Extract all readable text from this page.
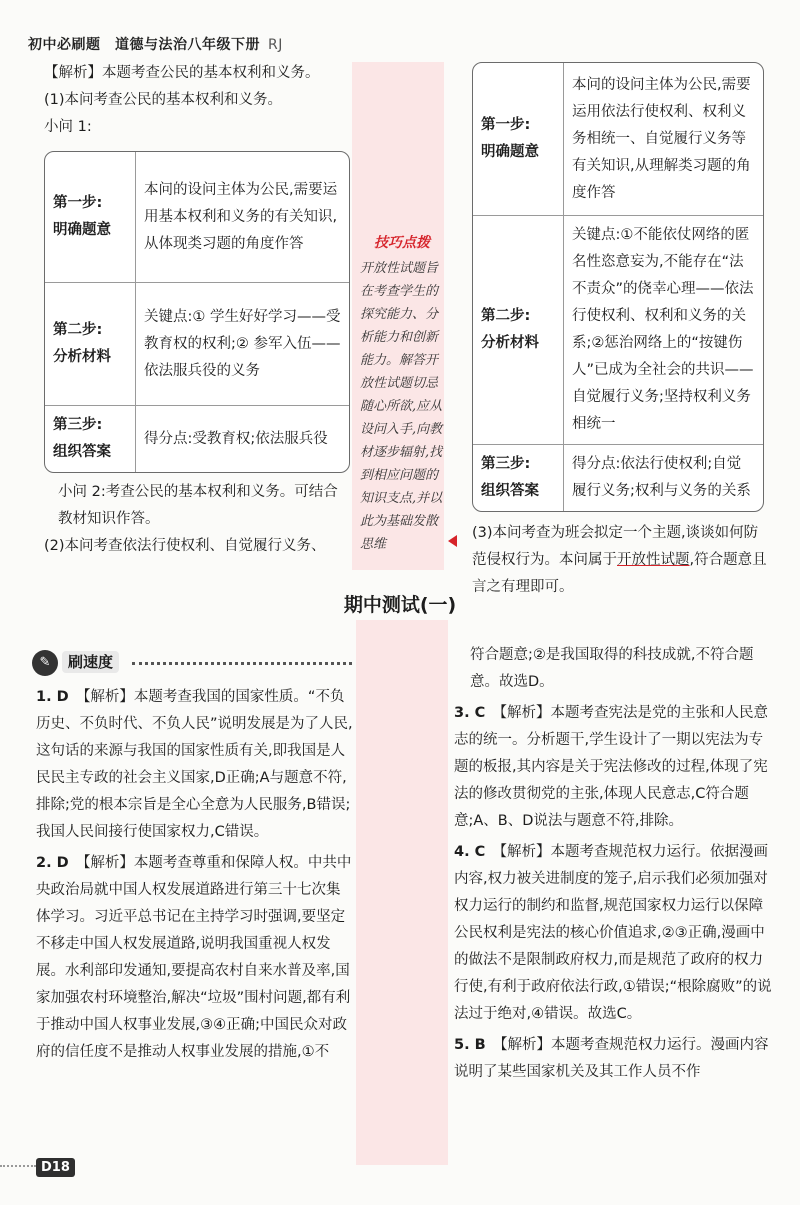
初中必刷题　道德与法治八年级下册 RJ

【解析】本题考查公民的基本权利和义务。

(1)本问考查公民的基本权利和义务。

小问 1:

第一步:
明确题意	本问的设问主体为公民,需要运用基本权利和义务的有关知识,从体现类习题的角度作答

第二步:
分析材料	关键点:① 学生好好学习——受教育权的权利;② 参军入伍——依法服兵役的义务

第三步:
组织答案	得分点:受教育权;依法服兵役

小问 2:考查公民的基本权利和义务。可结合教材知识作答。

(2)本问考查依法行使权利、自觉履行义务、

技巧点拨
开放性试题旨在考查学生的探究能力、分析能力和创新能力。解答开放性试题切忌随心所欲,应从设问入手,向教材逐步辐射,找到相应问题的知识支点,并以此为基础发散思维
第一步:
明确题意	本问的设问主体为公民,需要运用依法行使权利、权利义务相统一、自觉履行义务等有关知识,从理解类习题的角度作答

第二步:
分析材料	关键点:①不能依仗网络的匿名性恣意妄为,不能存在“法不责众”的侥幸心理——依法行使权利、权利和义务的关系;②惩治网络上的“按键伤人”已成为全社会的共识——自觉履行义务;坚持权利义务相统一

第三步:
组织答案	得分点:依法行使权利;自觉履行义务;权利与义务的关系

(3)本问考查为班会拟定一个主题,谈谈如何防范侵权行为。本问属于开放性试题,符合题意且言之有理即可。

期中测试(一)
✎	刷速度

1. D　 【解析】本题考查我国的国家性质。“不负历史、不负时代、不负人民”说明发展是为了人民,这句话的来源与我国的国家性质有关,即我国是人民民主专政的社会主义国家,D正确;A与题意不符,排除;党的根本宗旨是全心全意为人民服务,B错误;我国人民间接行使国家权力,C错误。

2. D　 【解析】本题考查尊重和保障人权。中共中央政治局就中国人权发展道路进行第三十七次集体学习。习近平总书记在主持学习时强调,要坚定不移走中国人权发展道路,说明我国重视人权发展。水利部印发通知,要提高农村自来水普及率,国家加强农村环境整治,解决“垃圾”围村问题,都有利于推动中国人权事业发展,③④正确;中国民众对政府的信任度不是推动人权事业发展的措施,①不

符合题意;②是我国取得的科技成就,不符合题意。故选D。

3. C　 【解析】本题考查宪法是党的主张和人民意志的统一。分析题干,学生设计了一期以宪法为专题的板报,其内容是关于宪法修改的过程,体现了宪法的修改贯彻党的主张,体现人民意志,C符合题意;A、B、D说法与题意不符,排除。

4. C　 【解析】本题考查规范权力运行。依据漫画内容,权力被关进制度的笼子,启示我们必须加强对权力运行的制约和监督,规范国家权力运行以保障公民权利是宪法的核心价值追求,②③正确,漫画中的做法不是限制政府权力,而是规范了政府的权力行使,有利于政府依法行政,①错误;“根除腐败”的说法过于绝对,④错误。故选C。

5. B　 【解析】本题考查规范权力运行。漫画内容说明了某些国家机关及其工作人员不作

D18
